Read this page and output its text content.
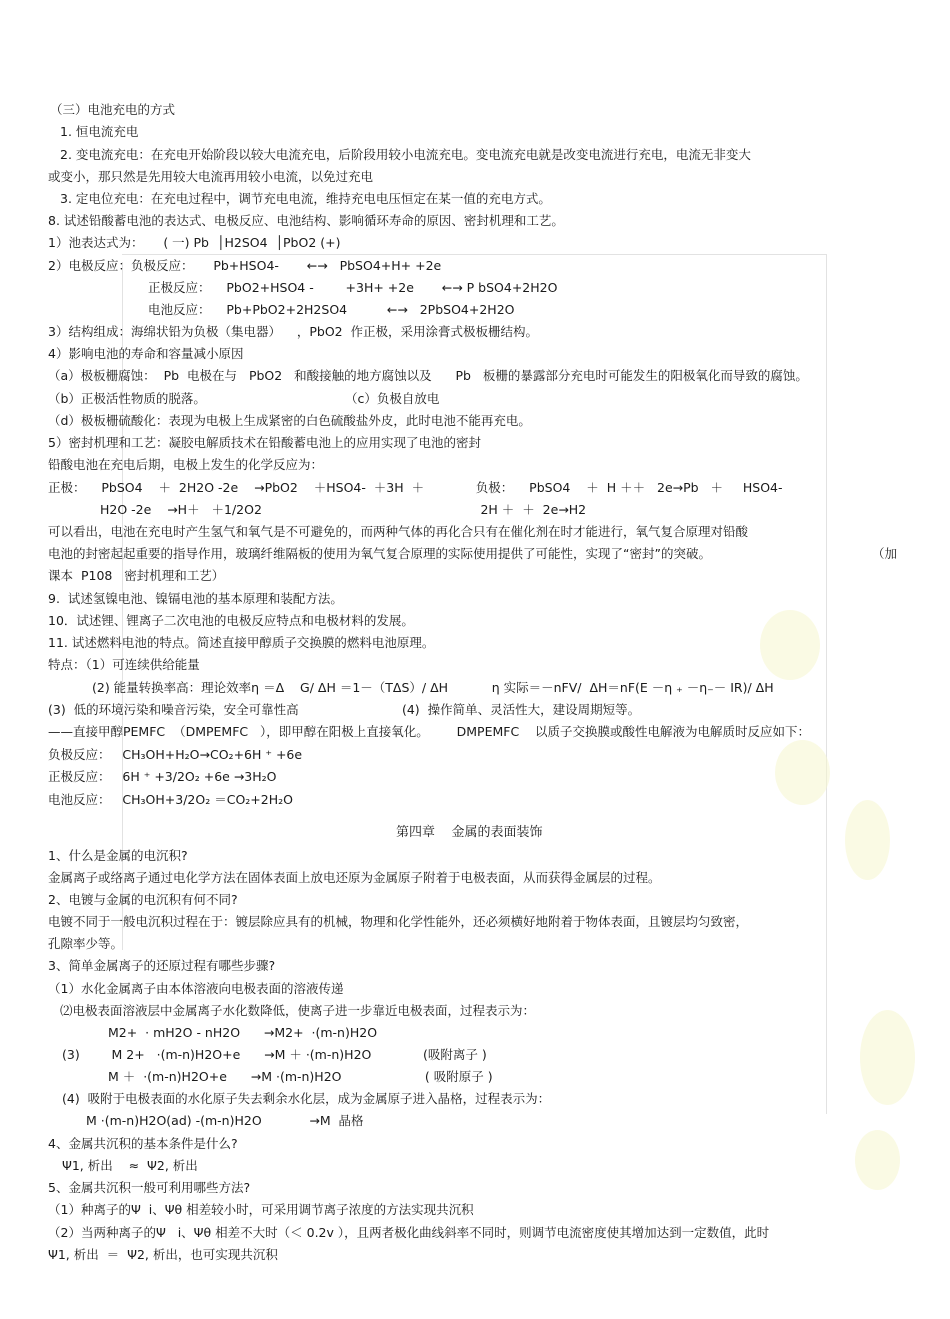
（三）电池充电的方式
1. 恒电流充电
2. 变电流充电：在充电开始阶段以较大电流充电，后阶段用较小电流充电。变电流充电就是改变电流进行充电，电流无非变大
或变小，那只然是先用较大电流再用较小电流，以免过充电
3. 定电位充电：在充电过程中，调节充电电流，维持充电电压恒定在某一值的充电方式。
8. 试述铅酸蓄电池的表达式、电极反应、电池结构、影响循环寿命的原因、密封机理和工艺。
1）池表达式为：     ( 一) Pb  │H2SO4  │PbO2 (+)
2）电极反应：负极反应：     Pb+HSO4-       ←→   PbSO4+H+ +2e
正极反应：    PbO2+HSO4 -        +3H+ +2e       ←→ P bSO4+2H2O
电池反应：    Pb+PbO2+2H2SO4          ←→   2PbSO4+2H2O
3）结构组成：海绵状铅为负极（集电器）    ，PbO2  作正极，采用涂膏式极板栅结构。
4）影响电池的寿命和容量减小原因
（a）极板栅腐蚀：  Pb  电极在与   PbO2   和酸接触的地方腐蚀以及      Pb   板栅的暴露部分充电时可能发生的阳极氧化而导致的腐蚀。
（b）正极活性物质的脱落。                                   （c）负极自放电
（d）极板栅硫酸化：表现为电极上生成紧密的白色硫酸盐外皮，此时电池不能再充电。
5）密封机理和工艺：凝胶电解质技术在铅酸蓄电池上的应用实现了电池的密封
铅酸电池在充电后期，电极上发生的化学反应为：
正极：    PbSO4    ＋  2H2O -2e    →PbO2    ＋HSO4-  ＋3H  ＋             负极：    PbSO4    ＋  H ＋＋   2e→Pb   ＋     HSO4-
H2O -2e    →H＋   ＋1/2O2                                                       2H ＋  ＋  2e→H2
可以看出，电池在充电时产生氢气和氧气是不可避免的，而两种气体的再化合只有在催化剂在时才能进行，氧气复合原理对铅酸
电池的封密起起重要的指导作用，玻璃纤维隔板的使用为氧气复合原理的实际使用提供了可能性，实现了“密封”的突破。	（加
课本  P108   密封机理和工艺）
9.  试述氢镍电池、镍镉电池的基本原理和装配方法。
10．试述锂、锂离子二次电池的电极反应特点和电极材料的发展。
11. 试述燃料电池的特点。简述直接甲醇质子交换膜的燃料电池原理。
特点：（1）可连续供给能量
(2) 能量转换率高：理论效率η ＝Δ    G/ ΔH ＝1－（TΔS）/ ΔH           η 实际＝－nFV/  ΔH＝nF(E －η ₊ －η₋－ IR)/ ΔH
(3)  低的环境污染和噪音污染，安全可靠性高                          (4)  操作简单、灵活性大，建设周期短等。
——直接甲醇PEMFC  （DMPEMFC   ），即甲醇在阳极上直接氧化。       DMPEMFC    以质子交换膜或酸性电解液为电解质时反应如下：
负极反应：   CH₃OH+H₂O→CO₂+6H ⁺ +6e
正极反应：   6H ⁺ +3/2O₂ +6e →3H₂O
电池反应：   CH₃OH+3/2O₂ ＝CO₂+2H₂O
第四章    金属的表面装饰
1、什么是金属的电沉积?
金属离子或络离子通过电化学方法在固体表面上放电还原为金属原子附着于电极表面，从而获得金属层的过程。
2、电镀与金属的电沉积有何不同?
电镀不同于一般电沉积过程在于：镀层除应具有的机械，物理和化学性能外，还必须横好地附着于物体表面，且镀层均匀致密，
孔隙率少等。
3、简单金属离子的还原过程有哪些步骤?
（1）水化金属离子由本体溶液向电极表面的溶液传递
⑵电极表面溶液层中金属离子水化数降低，使离子进一步靠近电极表面，过程表示为：
M2+  · mH2O - nH2O      →M2+  ·(m-n)H2O
(3)        M 2+   ·(m-n)H2O+e      →M ＋ ·(m-n)H2O             (吸附离子 )
M ＋  ·(m-n)H2O+e      →M ·(m-n)H2O                     ( 吸附原子 )
(4)  吸附于电极表面的水化原子失去剩余水化层，成为金属原子进入晶格，过程表示为：
M ·(m-n)H2O(ad) -(m-n)H2O            →M  晶格
4、金属共沉积的基本条件是什么?
Ψ1, 析出    ≈  Ψ2, 析出
5、金属共沉积一般可利用哪些方法?
（1）种离子的Ψ  i、Ψθ 相差较小时，可采用调节离子浓度的方法实现共沉积
（2）当两种离子的Ψ   i、Ψθ 相差不大时（＜ 0.2v ），且两者极化曲线斜率不同时，则调节电流密度使其增加达到一定数值，此时
Ψ1, 析出  ＝  Ψ2, 析出，也可实现共沉积
